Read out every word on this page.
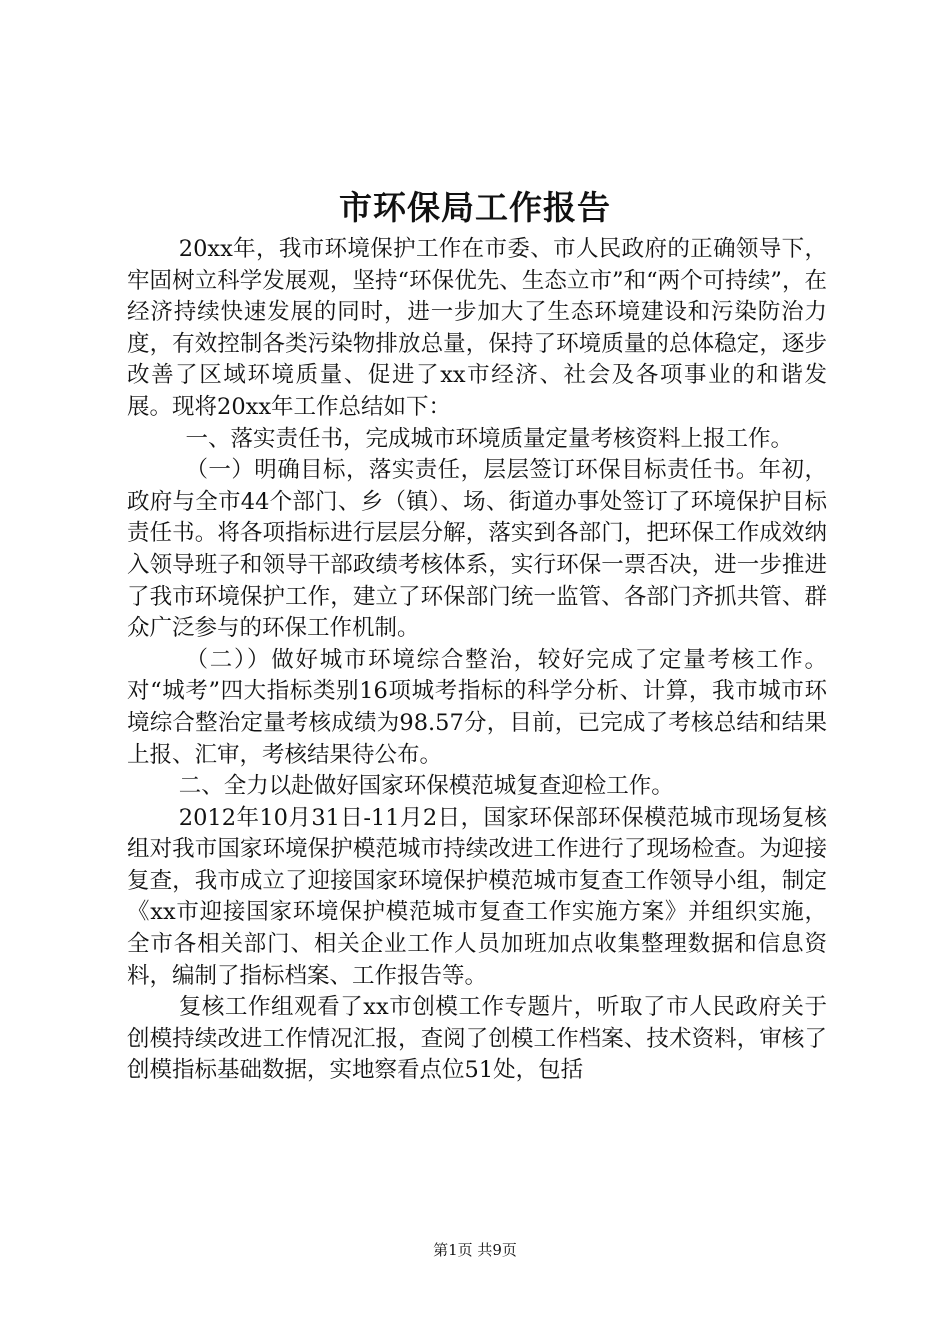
市环保局工作报告

20xx年，我市环境保护工作在市委、市人民政府的正确领导下，牢固树立科学发展观，坚持“环保优先、生态立市”和“两个可持续”，在经济持续快速发展的同时，进一步加大了生态环境建设和污染防治力度，有效控制各类污染物排放总量，保持了环境质量的总体稳定，逐步改善了区域环境质量、促进了xx市经济、社会及各项事业的和谐发展。现将20xx年工作总结如下：

一、落实责任书，完成城市环境质量定量考核资料上报工作。

（一）明确目标，落实责任，层层签订环保目标责任书。年初，政府与全市44个部门、乡（镇）、场、街道办事处签订了环境保护目标责任书。将各项指标进行层层分解，落实到各部门，把环保工作成效纳入领导班子和领导干部政绩考核体系，实行环保一票否决，进一步推进了我市环境保护工作，建立了环保部门统一监管、各部门齐抓共管、群众广泛参与的环保工作机制。

（二））做好城市环境综合整治，较好完成了定量考核工作。对“城考”四大指标类别16项城考指标的科学分析、计算，我市城市环境综合整治定量考核成绩为98.57分，目前，已完成了考核总结和结果上报、汇审，考核结果待公布。

二、全力以赴做好国家环保模范城复查迎检工作。

2012年10月31日-11月2日，国家环保部环保模范城市现场复核组对我市国家环境保护模范城市持续改进工作进行了现场检查。为迎接复查，我市成立了迎接国家环境保护模范城市复查工作领导小组，制定《xx市迎接国家环境保护模范城市复查工作实施方案》并组织实施，全市各相关部门、相关企业工作人员加班加点收集整理数据和信息资料，编制了指标档案、工作报告等。

复核工作组观看了xx市创模工作专题片，听取了市人民政府关于创模持续改进工作情况汇报，查阅了创模工作档案、技术资料，审核了创模指标基础数据，实地察看点位51处，包括

第1页 共9页
